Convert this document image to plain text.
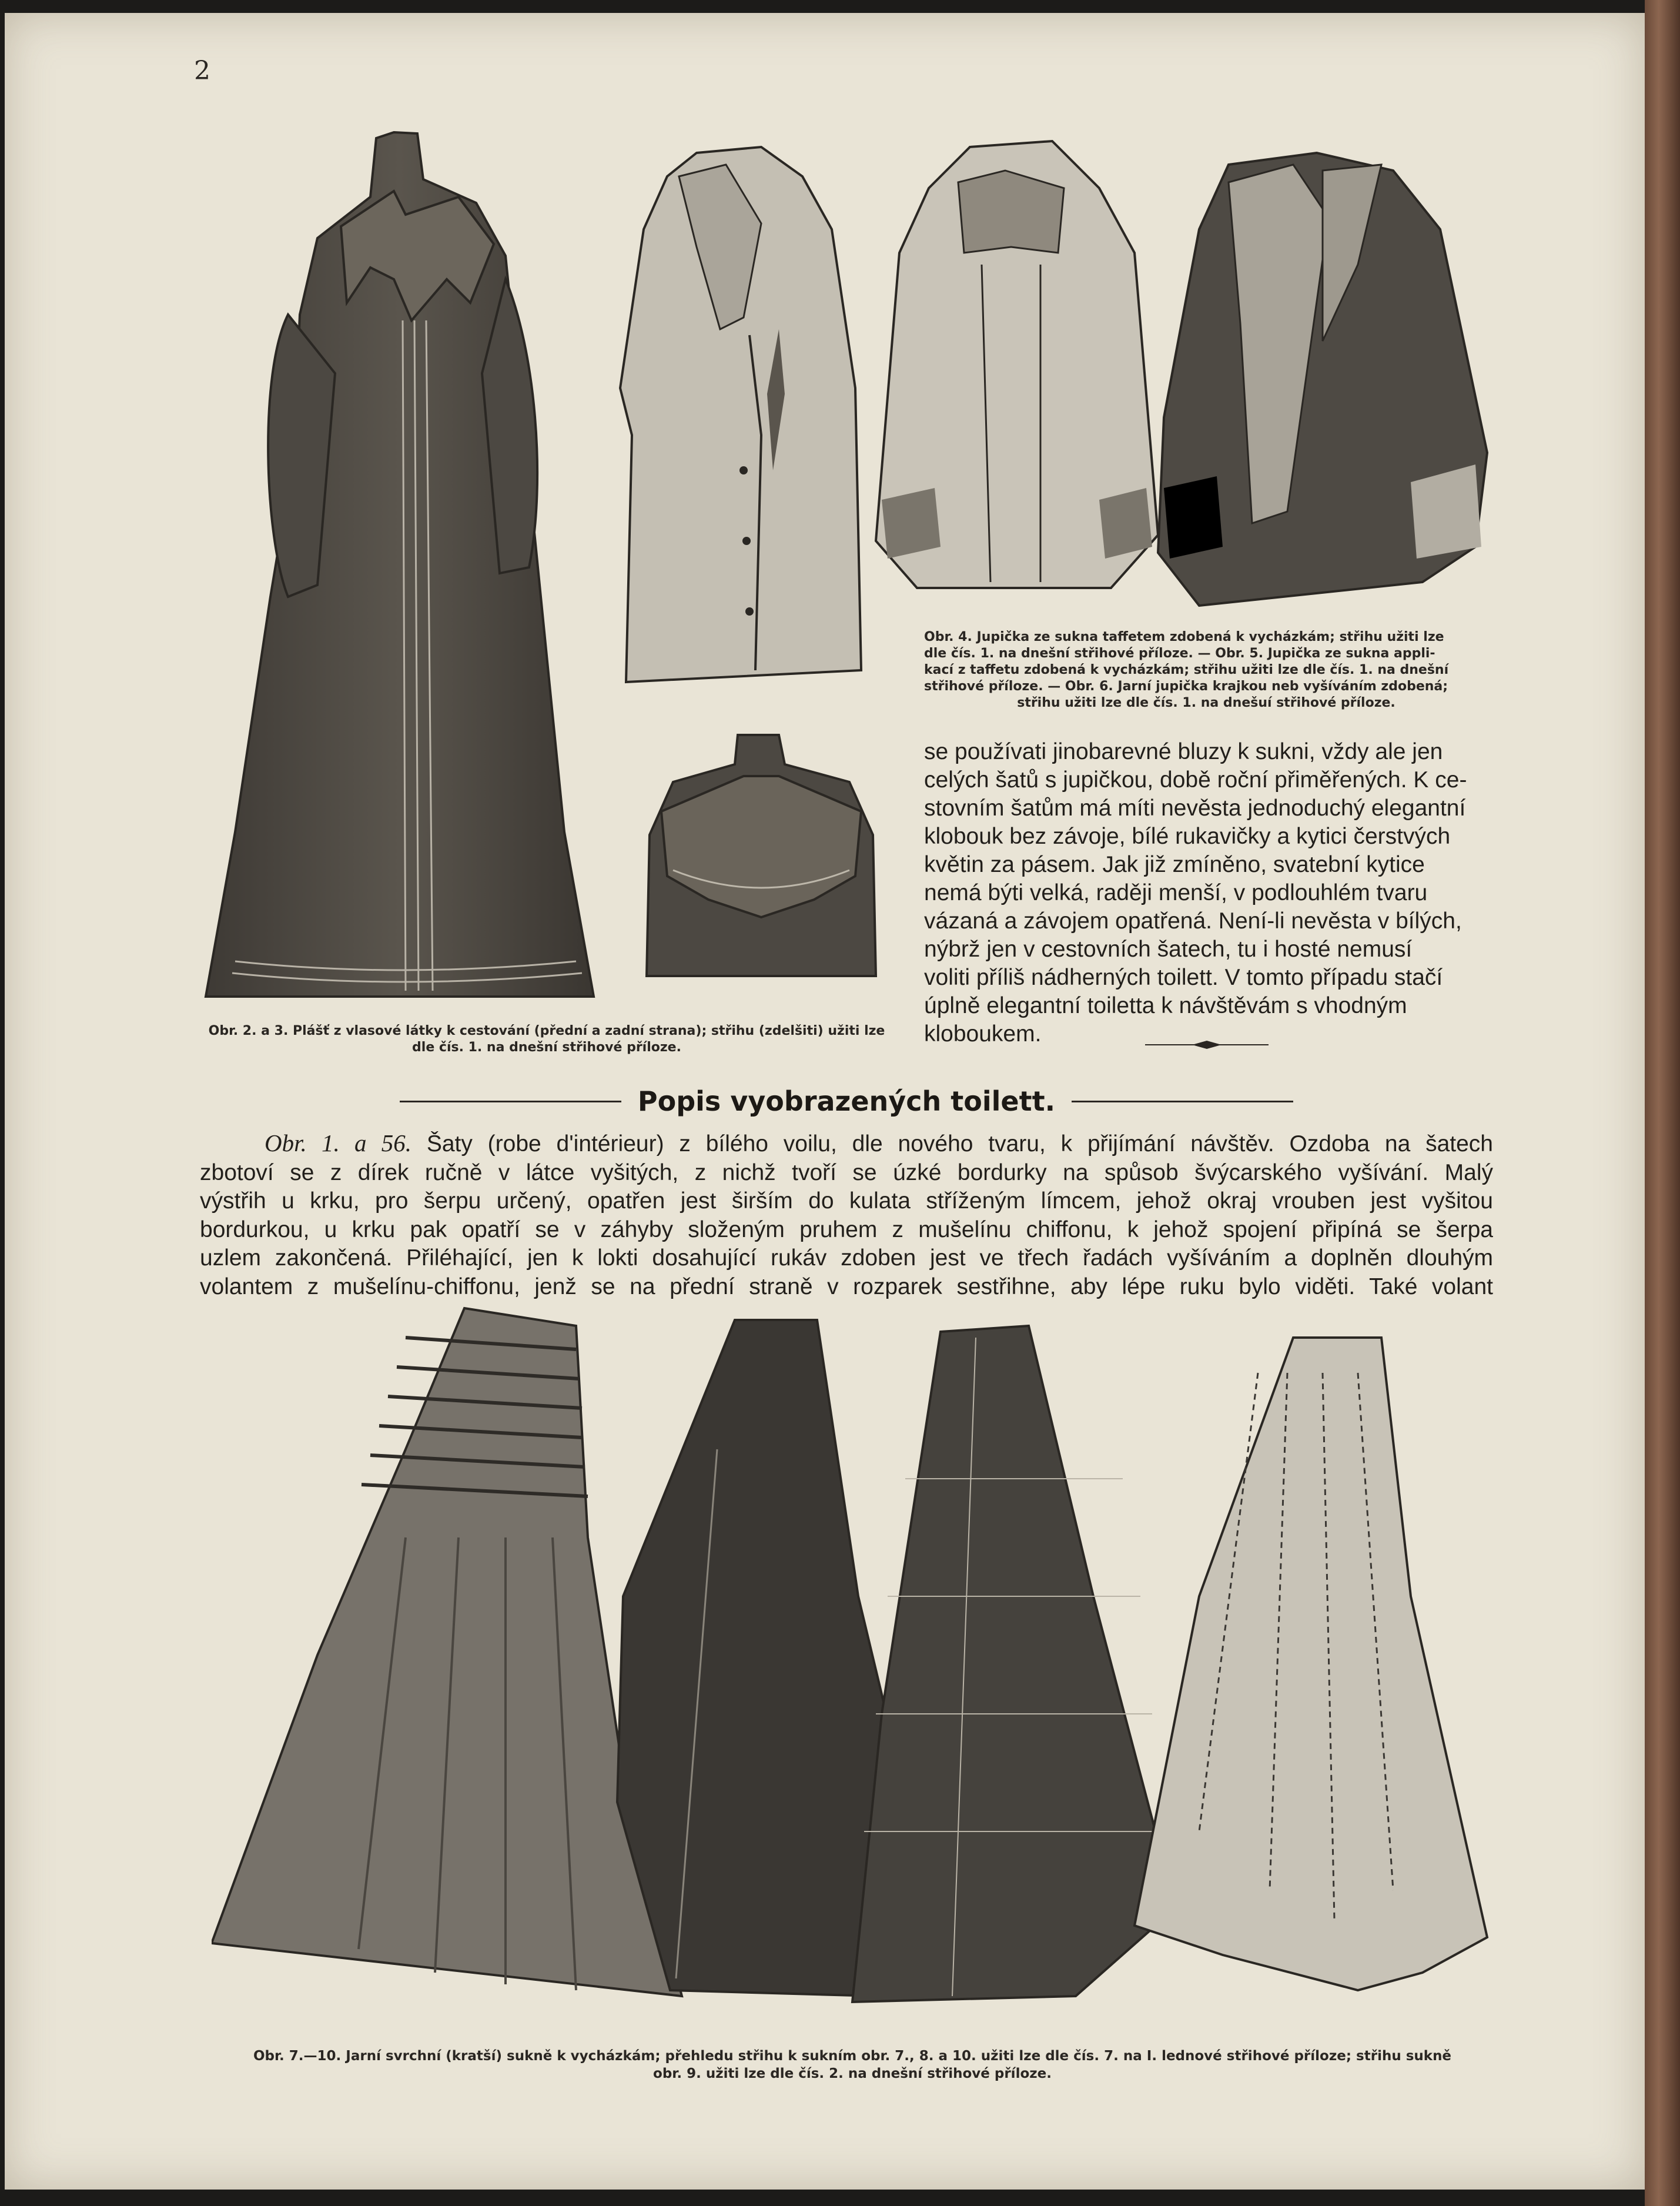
2
Obr. 2. a 3. Plášť z vlasové látky k cestování (přední a zadní strana); střihu (zdelšiti) užiti lze dle čís. 1. na dnešní střihové příloze.
Obr. 4. Jupička ze sukna taffetem zdobená k vycházkám; střihu užiti lze
dle čís. 1. na dnešní střihové příloze. — Obr. 5. Jupička ze sukna appli-
kací z taffetu zdobená k vycházkám; střihu užiti lze dle čís. 1. na dnešní
střihové příloze. — Obr. 6. Jarní jupička krajkou neb vyšíváním zdobená;
střihu užiti lze dle čís. 1. na dnešuí střihové příloze.

se používati jinobarevné bluzy k sukni, vždy ale jen

celých šatů s jupičkou, době roční přiměřených. K ce-

stovním šatům má míti nevěsta jednoduchý elegantní

klobouk bez závoje, bílé rukavičky a kytici čerstvých

květin za pásem. Jak již zmíněno, svatební kytice

nemá býti velká, raději menší, v podlouhlém tvaru

vázaná a závojem opatřená. Není-li nevěsta v bílých,

nýbrž jen v cestovních šatech, tu i hosté nemusí

voliti příliš nádherných toilett. V tomto případu stačí

úplně elegantní toiletta k návštěvám s vhodným

kloboukem.

Popis vyobrazených toilett.
Obr. 1. a 56. Šaty (robe d'intérieur) z bílého voilu, dle nového tvaru, k přijímání návštěv. Ozdoba na šatech
zbotoví se z dírek ručně v látce vyšitých, z nichž tvoří se úzké bordurky na spůsob švýcarského vyšívání. Malý
výstřih u krku, pro šerpu určený, opatřen jest širším do kulata stříženým límcem, jehož okraj vrouben jest vyšitou
bordurkou, u krku pak opatří se v záhyby složeným pruhem z mušelínu chiffonu, k jehož spojení připíná se šerpa
uzlem zakončená. Přiléhající, jen k lokti dosahující rukáv zdoben jest ve třech řadách vyšíváním a doplněn dlouhým
volantem z mušelínu-chiffonu, jenž se na přední straně v rozparek sestřihne, aby lépe ruku bylo viděti. Také volant
Obr. 7.—10. Jarní svrchní (kratší) sukně k vycházkám; přehledu střihu k sukním obr. 7., 8. a 10. užiti lze dle čís. 7. na I. lednové střihové příloze; střihu sukně
obr. 9. užiti lze dle čís. 2. na dnešní střihové příloze.
